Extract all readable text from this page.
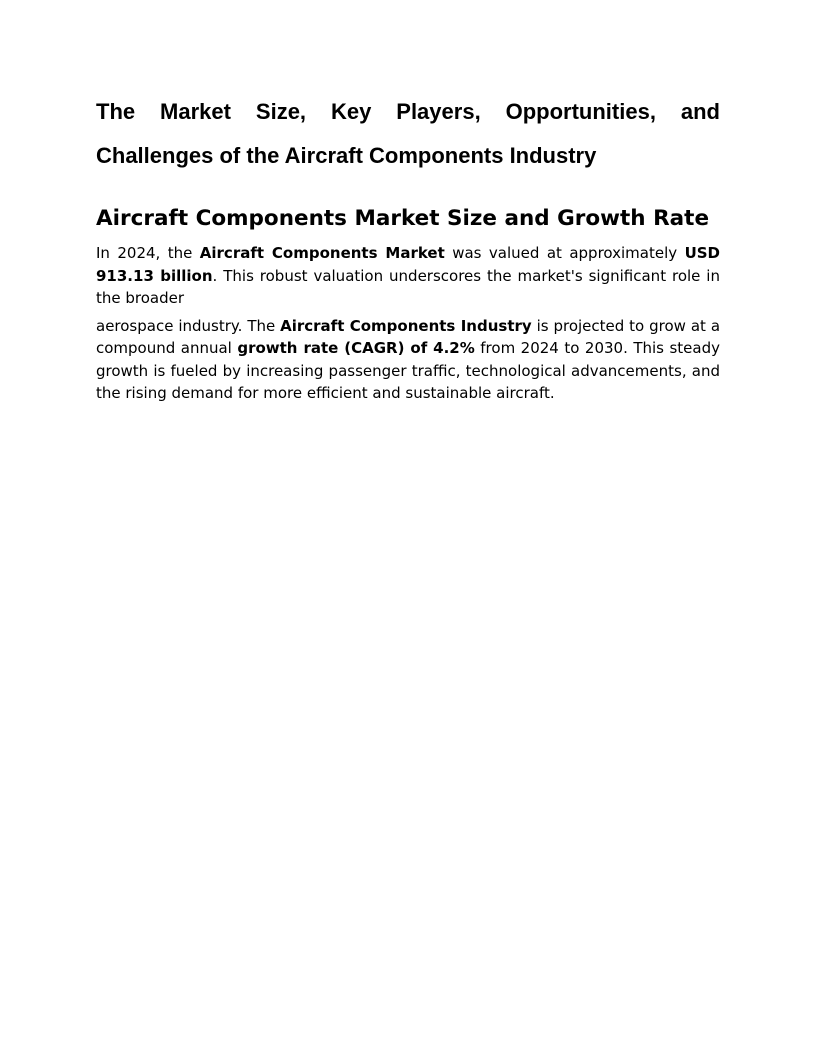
The Market Size, Key Players, Opportunities, and Challenges of the Aircraft Components Industry
Aircraft Components Market Size and Growth Rate

In 2024, the Aircraft Components Market was valued at approximately USD 913.13 billion. This robust valuation underscores the market's significant role in the broader

aerospace industry. The Aircraft Components Industry is projected to grow at a compound annual growth rate (CAGR) of 4.2% from 2024 to 2030. This steady growth is fueled by increasing passenger traffic, technological advancements, and the rising demand for more efficient and sustainable aircraft.
